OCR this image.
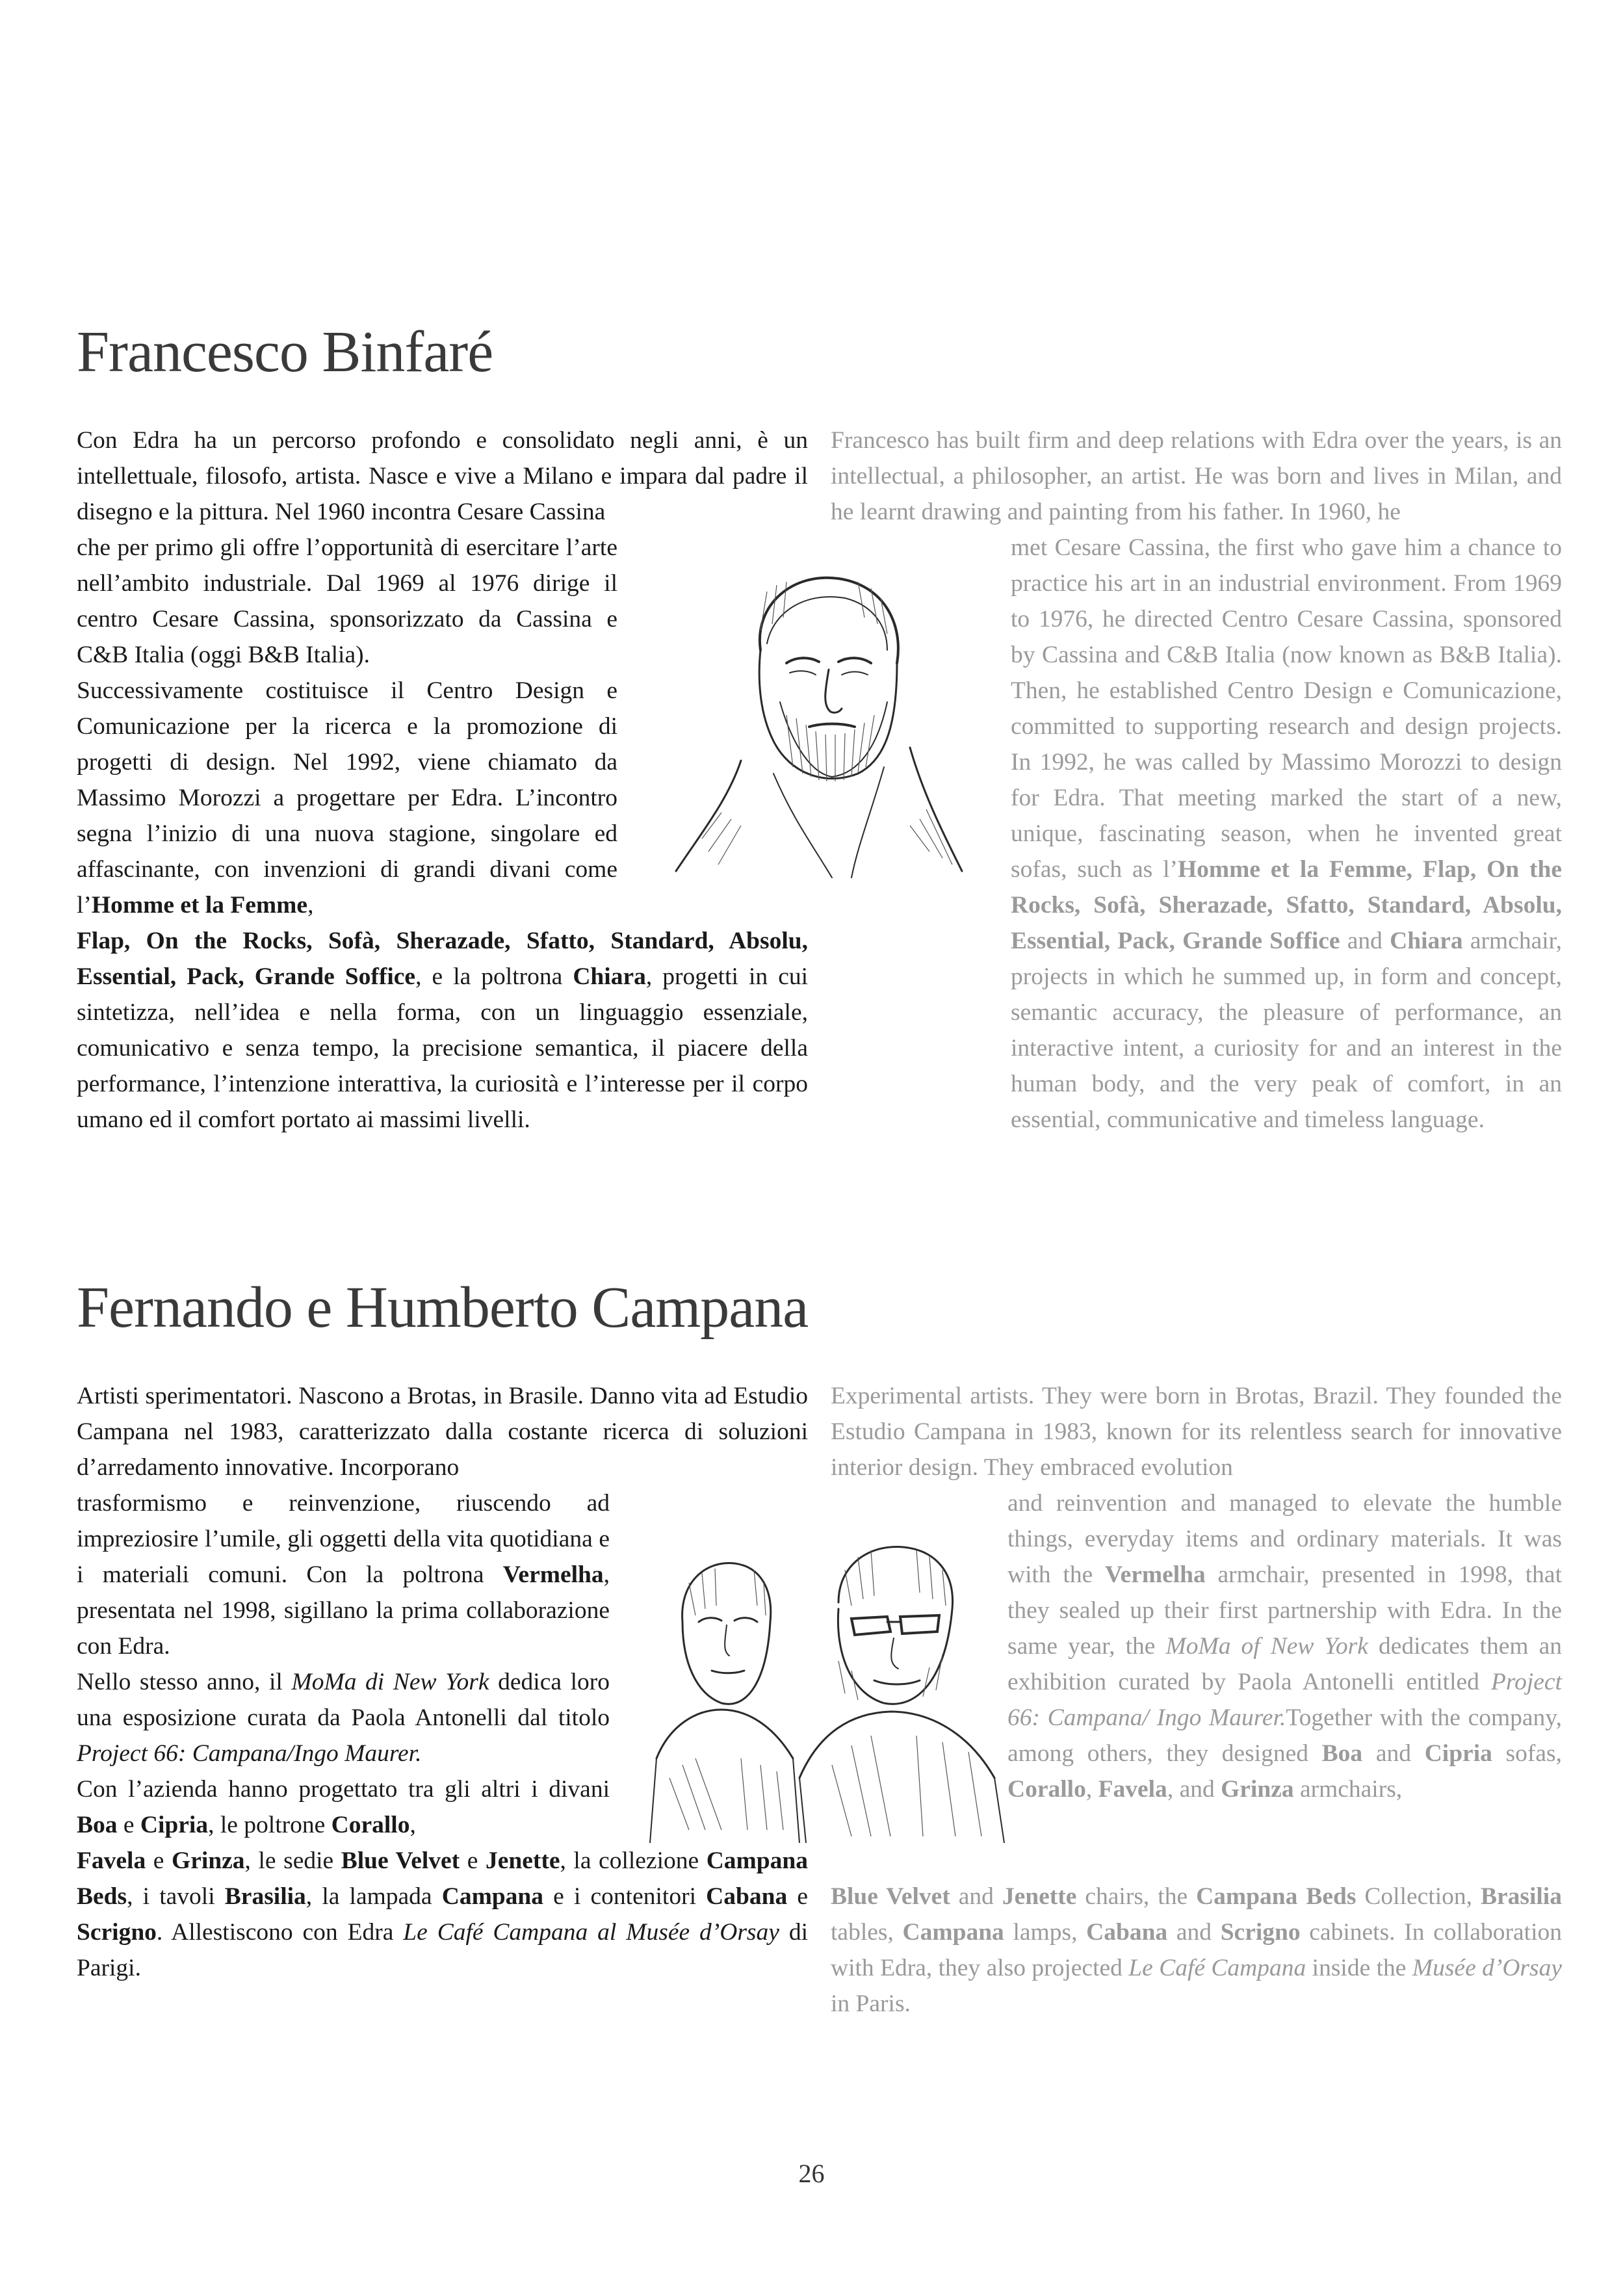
Francesco Binfaré

Con Edra ha un percorso profondo e consolidato negli anni, è un intellettuale, filosofo, artista. Nasce e vive a Milano e impara dal padre il disegno e la pittura. Nel 1960 incontra Cesare Cassina

che per primo gli offre l’opportunità di esercitare l’arte nell’ambito industriale. Dal 1969 al 1976 dirige il centro Cesare Cassina, sponsorizzato da Cassina e C&B Italia (oggi B&B Italia).

Successivamente costituisce il Centro Design e Comunicazione per la ricerca e la promozione di progetti di design. Nel 1992, viene chiamato da Massimo Morozzi a progettare per Edra. L’incontro segna l’inizio di una nuova stagione, singolare ed affascinante, con invenzioni di grandi divani come l’Homme et la Femme,

Flap, On the Rocks, Sofà, Sherazade, Sfatto, Standard, Absolu, Essential, Pack, Grande Soffice, e la poltrona Chiara, progetti in cui sintetizza, nell’idea e nella forma, con un linguaggio essenziale, comunicativo e senza tempo, la precisione semantica, il piacere della performance, l’intenzione interattiva, la curiosità e l’interesse per il corpo umano ed il comfort portato ai massimi livelli.

Francesco has built firm and deep relations with Edra over the years, is an intellectual, a philosopher, an artist. He was born and lives in Milan, and he learnt drawing and painting from his father. In 1960, he

met Cesare Cassina, the first who gave him a chance to practice his art in an industrial environment. From 1969 to 1976, he directed Centro Cesare Cassina, sponsored by Cassina and C&B Italia (now known as B&B Italia). Then, he established Centro Design e Comunicazione, committed to supporting research and design projects. In 1992, he was called by Massimo Morozzi to design for Edra. That meeting marked the start of a new, unique, fascinating season, when he invented great sofas, such as l’Homme et la Femme, Flap, On the Rocks, Sofà, Sherazade, Sfatto, Standard, Absolu, Essential, Pack, Grande Soffice and Chiara armchair, projects in which he summed up, in form and concept, semantic accuracy, the pleasure of performance, an interactive intent, a curiosity for and an interest in the human body, and the very peak of comfort, in an essential, communicative and timeless language.

Fernando e Humberto Campana

Artisti sperimentatori. Nascono a Brotas, in Brasile. Danno vita ad Estudio Campana nel 1983, caratterizzato dalla costante ricerca di soluzioni d’arredamento innovative. Incorporano

trasformismo e reinvenzione, riuscendo ad impreziosire l’umile, gli oggetti della vita quotidiana e i materiali comuni. Con la poltrona Vermelha, presentata nel 1998, sigillano la prima collaborazione con Edra.

Nello stesso anno, il MoMa di New York dedica loro una esposizione curata da Paola Antonelli dal titolo Project 66: Campana/Ingo Maurer.

Con l’azienda hanno progettato tra gli altri i divani Boa e Cipria, le poltrone Corallo,

Favela e Grinza, le sedie Blue Velvet e Jenette, la collezione Campana Beds, i tavoli Brasilia, la lampada Campana e i contenitori Cabana e Scrigno. Allestiscono con Edra Le Café Campana al Musée d’Orsay di Parigi.

Experimental artists. They were born in Brotas, Brazil. They founded the Estudio Campana in 1983, known for its relentless search for innovative interior design. They embraced evolution

and reinvention and managed to elevate the humble things, everyday items and ordinary materials. It was with the Vermelha armchair, presented in 1998, that they sealed up their first partnership with Edra. In the same year, the MoMa of New York dedicates them an exhibition curated by Paola Antonelli entitled Project 66: Campana/ Ingo Maurer.Together with the company, among others, they designed Boa and Cipria sofas, Corallo, Favela, and Grinza armchairs,

Blue Velvet and Jenette chairs, the Campana Beds Collection, Brasilia tables, Campana lamps, Cabana and Scrigno cabinets. In collaboration with Edra, they also projected Le Café Campana inside the Musée d’Orsay in Paris.

26
